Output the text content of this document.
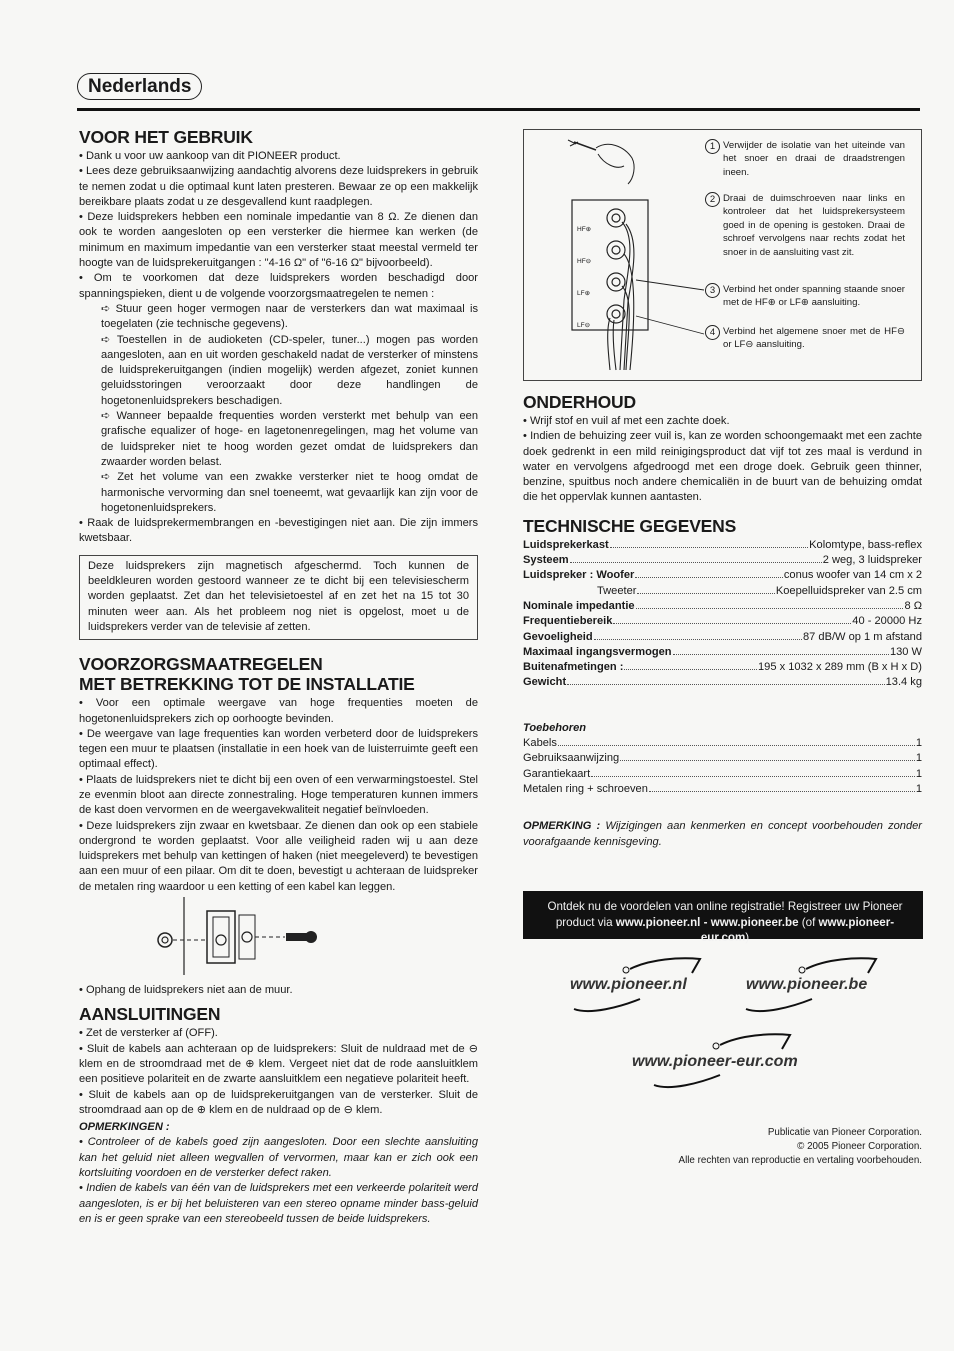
Nederlands
VOOR HET GEBRUIK

• Dank u voor uw aankoop van dit PIONEER product.

• Lees deze gebruiksaanwijzing aandachtig alvorens deze luidsprekers in gebruik te nemen zodat u die optimaal kunt laten presteren. Bewaar ze op een makkelijk bereikbare plaats zodat u ze desgevallend kunt raadplegen.

• Deze luidsprekers hebben een nominale impedantie van 8 Ω. Ze dienen dan ook te worden aangesloten op een versterker die hiermee kan werken (de minimum en maximum impedantie van een versterker staat meestal vermeld ter hoogte van de luidsprekeruitgangen : "4-16 Ω" of "6-16 Ω" bijvoorbeeld).

• Om te voorkomen dat deze luidsprekers worden beschadigd door spanningspieken, dient u de volgende voorzorgsmaatregelen te nemen :

➪ Stuur geen hoger vermogen naar de versterkers dan wat maximaal is toegelaten (zie technische gegevens).

➪ Toestellen in de audioketen (CD-speler, tuner...) mogen pas worden aangesloten, aan en uit worden geschakeld nadat de versterker of minstens de luidsprekeruitgangen (indien mogelijk) werden afgezet, zoniet kunnen geluidsstoringen veroorzaakt door deze handlingen de hogetonenluidsprekers beschadigen.

➪ Wanneer bepaalde frequenties worden versterkt met behulp van een grafische equalizer of hoge- en lagetonenregelingen, mag het volume van de luidspreker niet te hoog worden gezet omdat de luidsprekers dan zwaarder worden belast.

➪ Zet het volume van een zwakke versterker niet te hoog omdat de harmonische vervorming dan snel toeneemt, wat gevaarlijk kan zijn voor de hogetonenluidsprekers.

• Raak de luidsprekermembrangen en -bevestigingen niet aan. Die zijn immers kwetsbaar.

Deze luidsprekers zijn magnetisch afgeschermd. Toch kunnen de beeldkleuren worden gestoord wanneer ze te dicht bij een televisiescherm worden geplaatst. Zet dan het televisietoestel af en zet het na 15 tot 30 minuten weer aan. Als het probleem nog niet is opgelost, moet u de luidsprekers verder van de televisie af zetten.
VOORZORGSMAATREGELEN
MET BETREKKING TOT DE INSTALLATIE

• Voor een optimale weergave van hoge frequenties moeten de hogetonenluidsprekers zich op oorhoogte bevinden.

• De weergave van lage frequenties kan worden verbeterd door de luidsprekers tegen een muur te plaatsen (installatie in een hoek van de luisterruimte geeft een optimaal effect).

• Plaats de luidsprekers niet te dicht bij een oven of een verwarmingstoestel. Stel ze evenmin bloot aan directe zonnestraling. Hoge temperaturen kunnen immers de kast doen vervormen en de weergavekwaliteit negatief beïnvloeden.

• Deze luidsprekers zijn zwaar en kwetsbaar. Ze dienen dan ook op een stabiele ondergrond te worden geplaatst. Voor alle veiligheid raden wij u aan deze luidsprekers met behulp van kettingen of haken (niet meegeleverd) te bevestigen aan een muur of een pilaar. Om dit te doen, bevestigt u achteraan de luidspreker de metalen ring waardoor u een ketting of een kabel kan leggen.

• Ophang de luidsprekers niet aan de muur.

AANSLUITINGEN

• Zet de versterker af (OFF).

• Sluit de kabels aan achteraan op de luidsprekers: Sluit de nuldraad met de ⊖ klem en de stroomdraad met de ⊕ klem. Vergeet niet dat de rode aansluitklem een positieve polariteit en de zwarte aansluitklem een negatieve polariteit heeft.

• Sluit de kabels aan op de luidsprekeruitgangen van de versterker. Sluit de stroomdraad aan op de ⊕ klem en de nuldraad op de ⊖ klem.

OPMERKINGEN :

• Controleer of de kabels goed zijn aangesloten. Door een slechte aansluiting kan het geluid niet alleen wegvallen of vervormen, maar kan er zich ook een kortsluiting voordoen en de versterker defect raken.

• Indien de kabels van één van de luidsprekers met een verkeerde polariteit werd aangesloten, is er bij het beluisteren van een stereo opname minder bass-geluid en is er geen sprake van een stereobeeld tussen de beide luidsprekers.

HF⊕
HF⊖
LF⊕
LF⊖
1 Verwijder de isolatie van het uiteinde van het snoer en draai de draadstrengen ineen.
2 Draai de duimschroeven naar links en kontroleer dat het luidsprekersysteem goed in de opening is gestoken. Draai de schroef vervolgens naar rechts zodat het snoer in de aansluiting vast zit.
3 Verbind het onder spanning staande snoer met de HF⊕ or LF⊕ aansluiting.
4 Verbind het algemene snoer met de HF⊖ or LF⊖ aansluiting.
ONDERHOUD

• Wrijf stof en vuil af met een zachte doek.

• Indien de behuizing zeer vuil is, kan ze worden schoongemaakt met een zachte doek gedrenkt in een mild reinigingsproduct dat vijf tot zes maal is verdund in water en vervolgens afgedroogd met een droge doek. Gebruik geen thinner, benzine, spuitbus noch andere chemicaliën in de buurt van de behuizing omdat die het oppervlak kunnen aantasten.

TECHNISCHE GEGEVENS
Luidsprekerkast	Kolomtype, bass-reflex
Systeem	2 weg, 3 luidspreker
Luidspreker : Woofer	conus woofer van 14 cm x 2
Tweeter	Koepelluidspreker van 2.5 cm
Nominale impedantie	8 Ω
Frequentiebereik	40 - 20000 Hz
Gevoeligheid	87 dB/W op 1 m afstand
Maximaal ingangsvermogen	130 W
Buitenafmetingen :	195 x 1032 x 289 mm (B x H x D)
Gewicht	13.4 kg

Toebehoren

Kabels	1
Gebruiksaanwijzing	1
Garantiekaart	1
Metalen ring + schroeven	1

OPMERKING : Wijzigingen aan kenmerken en concept voorbehouden zonder voorafgaande kennisgeving.

Ontdek nu de voordelen van online registratie! Registreer uw Pioneer
product via www.pioneer.nl - www.pioneer.be (of www.pioneer-eur.com)
www.pioneer.nl	www.pioneer.be
www.pioneer-eur.com
Publicatie van Pioneer Corporation.
© 2005 Pioneer Corporation.
Alle rechten van reproductie en vertaling voorbehouden.
